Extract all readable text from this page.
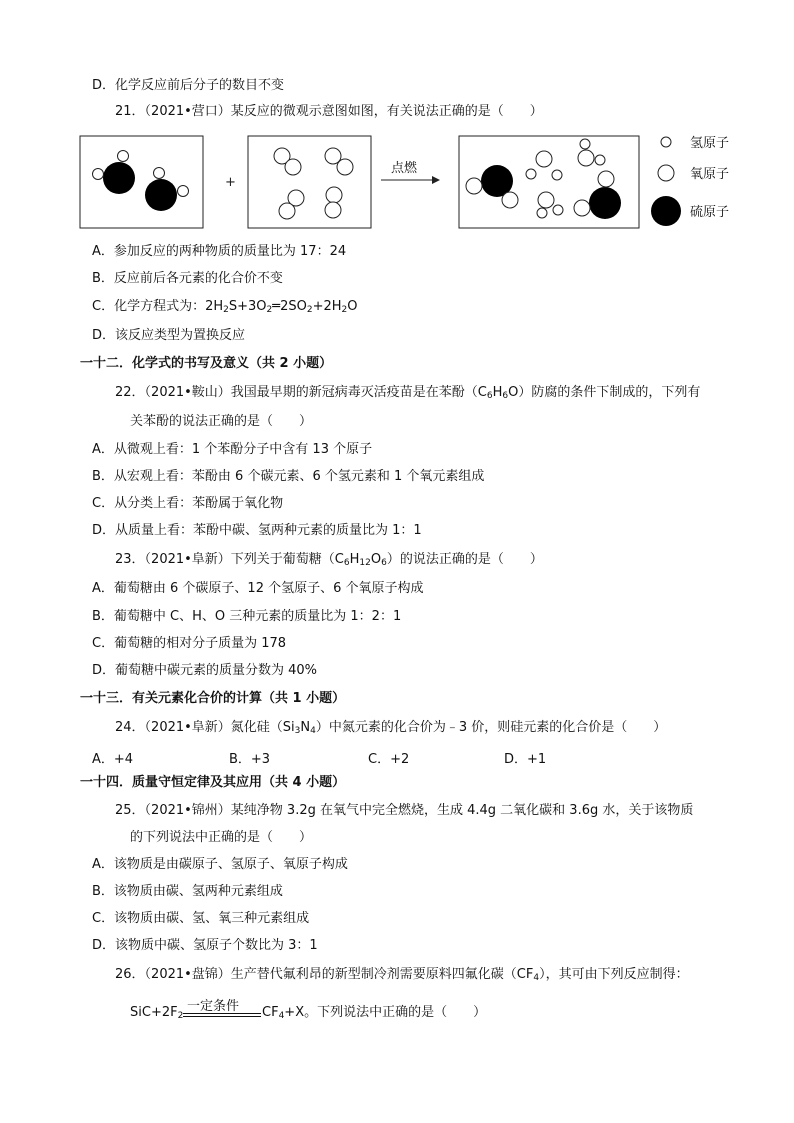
D．化学反应前后分子的数目不变
21．（2021•营口）某反应的微观示意图如图，有关说法正确的是（　　）
+
点燃
氢原子
氧原子
硫原子
A．参加反应的两种物质的质量比为 17：24
B．反应前后各元素的化合价不变
C．化学方程式为：$2H_2S+3O_2═2SO_2+2H_2O$
D．该反应类型为置换反应
一十二．化学式的书写及意义（共 2 小题）
22．（2021•鞍山）我国最早期的新冠病毒灭活疫苗是在苯酚$(C_6H_6O)$防腐的条件下制成的，下列有
关苯酚的说法正确的是（　　）
A．从微观上看：1 个苯酚分子中含有 13 个原子
B．从宏观上看：苯酚由 6 个碳元素、6 个氢元素和 1 个氧元素组成
C．从分类上看：苯酚属于氧化物
D．从质量上看：苯酚中碳、氢两种元素的质量比为 1：1
23．（2021•阜新）下列关于葡萄糖$(C_6H_{12}O_6)$的说法正确的是（　　）
A．葡萄糖由 6 个碳原子、12 个氢原子、6 个氧原子构成
B．葡萄糖中 C、H、O 三种元素的质量比为 1：2：1
C．葡萄糖的相对分子质量为 178
D．葡萄糖中碳元素的质量分数为 40%
一十三．有关元素化合价的计算（共 1 小题）
24．（2021•阜新）氮化硅$(Si_3N_4)$中氮元素的化合价为﹣3 价，则硅元素的化合价是（　　）
A．+4	B．+3	C．+2	D．+1
一十四．质量守恒定律及其应用（共 4 小题）
25．（2021•锦州）某纯净物 3.2g 在氧气中完全燃烧，生成 4.4g 二氧化碳和 3.6g 水，关于该物质
的下列说法中正确的是（　　）
A．该物质是由碳原子、氢原子、氧原子构成
B．该物质由碳、氢两种元素组成
C．该物质由碳、氢、氧三种元素组成
D．该物质中碳、氢原子个数比为 3：1
26．（2021•盘锦）生产替代氟利昂的新型制冷剂需要原料四氟化碳$(CF_4)$，其可由下列反应制得：
一定条件
$SiC+2F_2$	$CF_4+X$。下列说法中正确的是（　　）
